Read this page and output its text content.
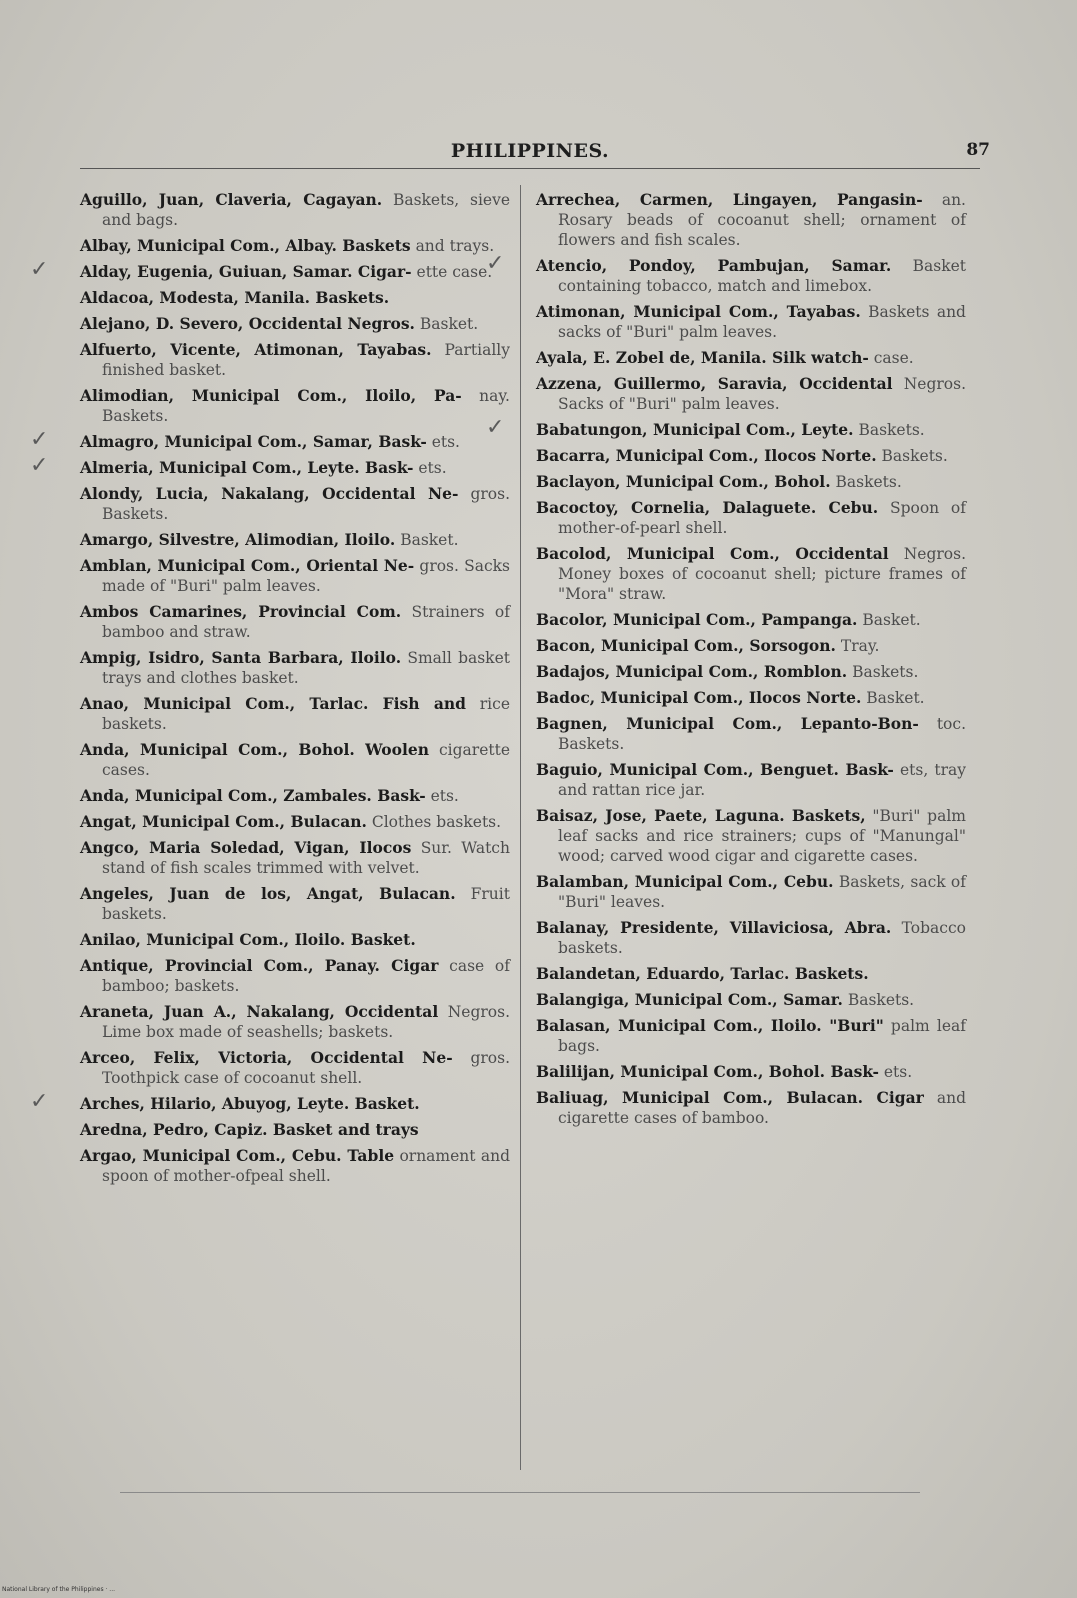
PHILIPPINES.	87
Aguillo, Juan, Claveria, Cagayan. Baskets, sieve and bags.
Albay, Municipal Com., Albay. Baskets and trays.
✓ Alday, Eugenia, Guiuan, Samar. Cigar- ette case.
Aldacoa, Modesta, Manila. Baskets.
Alejano, D. Severo, Occidental Negros. Basket.
Alfuerto, Vicente, Atimonan, Tayabas. Partially finished basket.
Alimodian, Municipal Com., Iloilo, Pa- nay. Baskets.
✓ Almagro, Municipal Com., Samar, Bask- ets.
✓ Almeria, Municipal Com., Leyte. Bask- ets.
Alondy, Lucia, Nakalang, Occidental Ne- gros. Baskets.
Amargo, Silvestre, Alimodian, Iloilo. Basket.
Amblan, Municipal Com., Oriental Ne- gros. Sacks made of "Buri" palm leaves.
Ambos Camarines, Provincial Com. Strainers of bamboo and straw.
Ampig, Isidro, Santa Barbara, Iloilo. Small basket trays and clothes basket.
Anao, Municipal Com., Tarlac. Fish and rice baskets.
Anda, Municipal Com., Bohol. Woolen cigarette cases.
Anda, Municipal Com., Zambales. Bask- ets.
Angat, Municipal Com., Bulacan. Clothes baskets.
Angco, Maria Soledad, Vigan, Ilocos Sur. Watch stand of fish scales trimmed with velvet.
Angeles, Juan de los, Angat, Bulacan. Fruit baskets.
Anilao, Municipal Com., Iloilo. Basket.
Antique, Provincial Com., Panay. Cigar case of bamboo; baskets.
Araneta, Juan A., Nakalang, Occidental Negros. Lime box made of seashells; baskets.
Arceo, Felix, Victoria, Occidental Ne- gros. Toothpick case of cocoanut shell.
✓ Arches, Hilario, Abuyog, Leyte. Basket.
Aredna, Pedro, Capiz. Basket and trays
Argao, Municipal Com., Cebu. Table ornament and spoon of mother-ofpeal shell.
Arrechea, Carmen, Lingayen, Pangasin- an. Rosary beads of cocoanut shell; ornament of flowers and fish scales.
✓ Atencio, Pondoy, Pambujan, Samar. Basket containing tobacco, match and limebox.
Atimonan, Municipal Com., Tayabas. Baskets and sacks of "Buri" palm leaves.
Ayala, E. Zobel de, Manila. Silk watch- case.
Azzena, Guillermo, Saravia, Occidental Negros. Sacks of "Buri" palm leaves.
✓ Babatungon, Municipal Com., Leyte. Baskets.
Bacarra, Municipal Com., Ilocos Norte. Baskets.
Baclayon, Municipal Com., Bohol. Baskets.
Bacoctoy, Cornelia, Dalaguete. Cebu. Spoon of mother-of-pearl shell.
Bacolod, Municipal Com., Occidental Negros. Money boxes of cocoanut shell; picture frames of "Mora" straw.
Bacolor, Municipal Com., Pampanga. Basket.
Bacon, Municipal Com., Sorsogon. Tray.
Badajos, Municipal Com., Romblon. Baskets.
Badoc, Municipal Com., Ilocos Norte. Basket.
Bagnen, Municipal Com., Lepanto-Bon- toc. Baskets.
Baguio, Municipal Com., Benguet. Bask- ets, tray and rattan rice jar.
Baisaz, Jose, Paete, Laguna. Baskets, "Buri" palm leaf sacks and rice strainers; cups of "Manungal" wood; carved wood cigar and cigarette cases.
Balamban, Municipal Com., Cebu. Baskets, sack of "Buri" leaves.
Balanay, Presidente, Villaviciosa, Abra. Tobacco baskets.
Balandetan, Eduardo, Tarlac. Baskets.
Balangiga, Municipal Com., Samar. Baskets.
Balasan, Municipal Com., Iloilo. "Buri" palm leaf bags.
Balilijan, Municipal Com., Bohol. Bask- ets.
Baliuag, Municipal Com., Bulacan. Cigar and cigarette cases of bamboo.
National Library of the Philippines · ...
